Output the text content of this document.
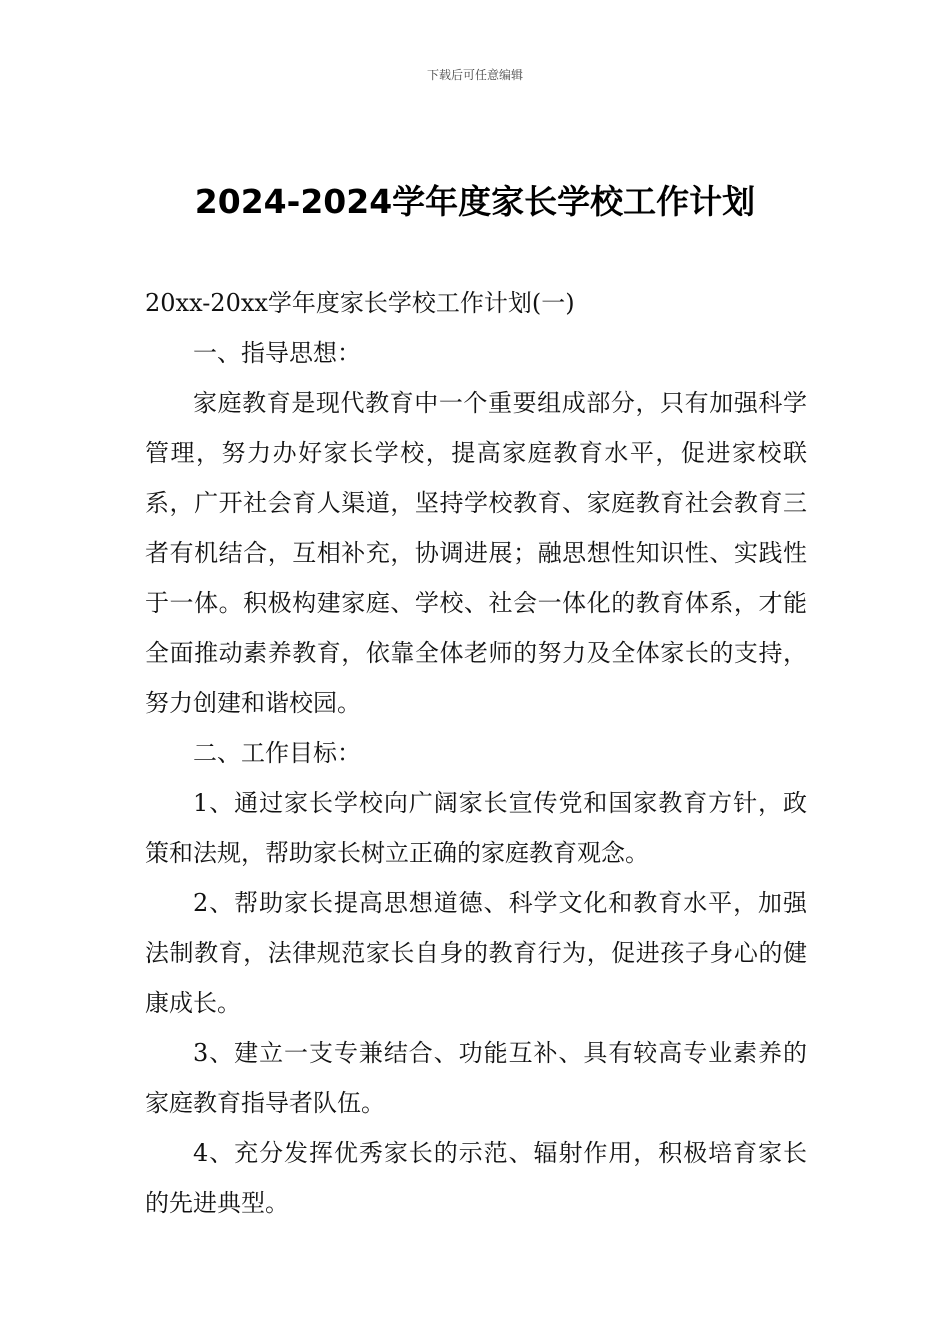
下载后可任意编辑
2024-2024学年度家长学校工作计划

20xx-20xx学年度家长学校工作计划(一)

一、指导思想：

家庭教育是现代教育中一个重要组成部分，只有加强科学管理，努力办好家长学校，提高家庭教育水平，促进家校联系，广开社会育人渠道，坚持学校教育、家庭教育社会教育三者有机结合，互相补充，协调进展；融思想性知识性、实践性于一体。积极构建家庭、学校、社会一体化的教育体系，才能全面推动素养教育，依靠全体老师的努力及全体家长的支持，努力创建和谐校园。

二、工作目标：

1、通过家长学校向广阔家长宣传党和国家教育方针，政策和法规，帮助家长树立正确的家庭教育观念。

2、帮助家长提高思想道德、科学文化和教育水平，加强法制教育，法律规范家长自身的教育行为，促进孩子身心的健康成长。

3、建立一支专兼结合、功能互补、具有较高专业素养的家庭教育指导者队伍。

4、充分发挥优秀家长的示范、辐射作用，积极培育家长的先进典型。
